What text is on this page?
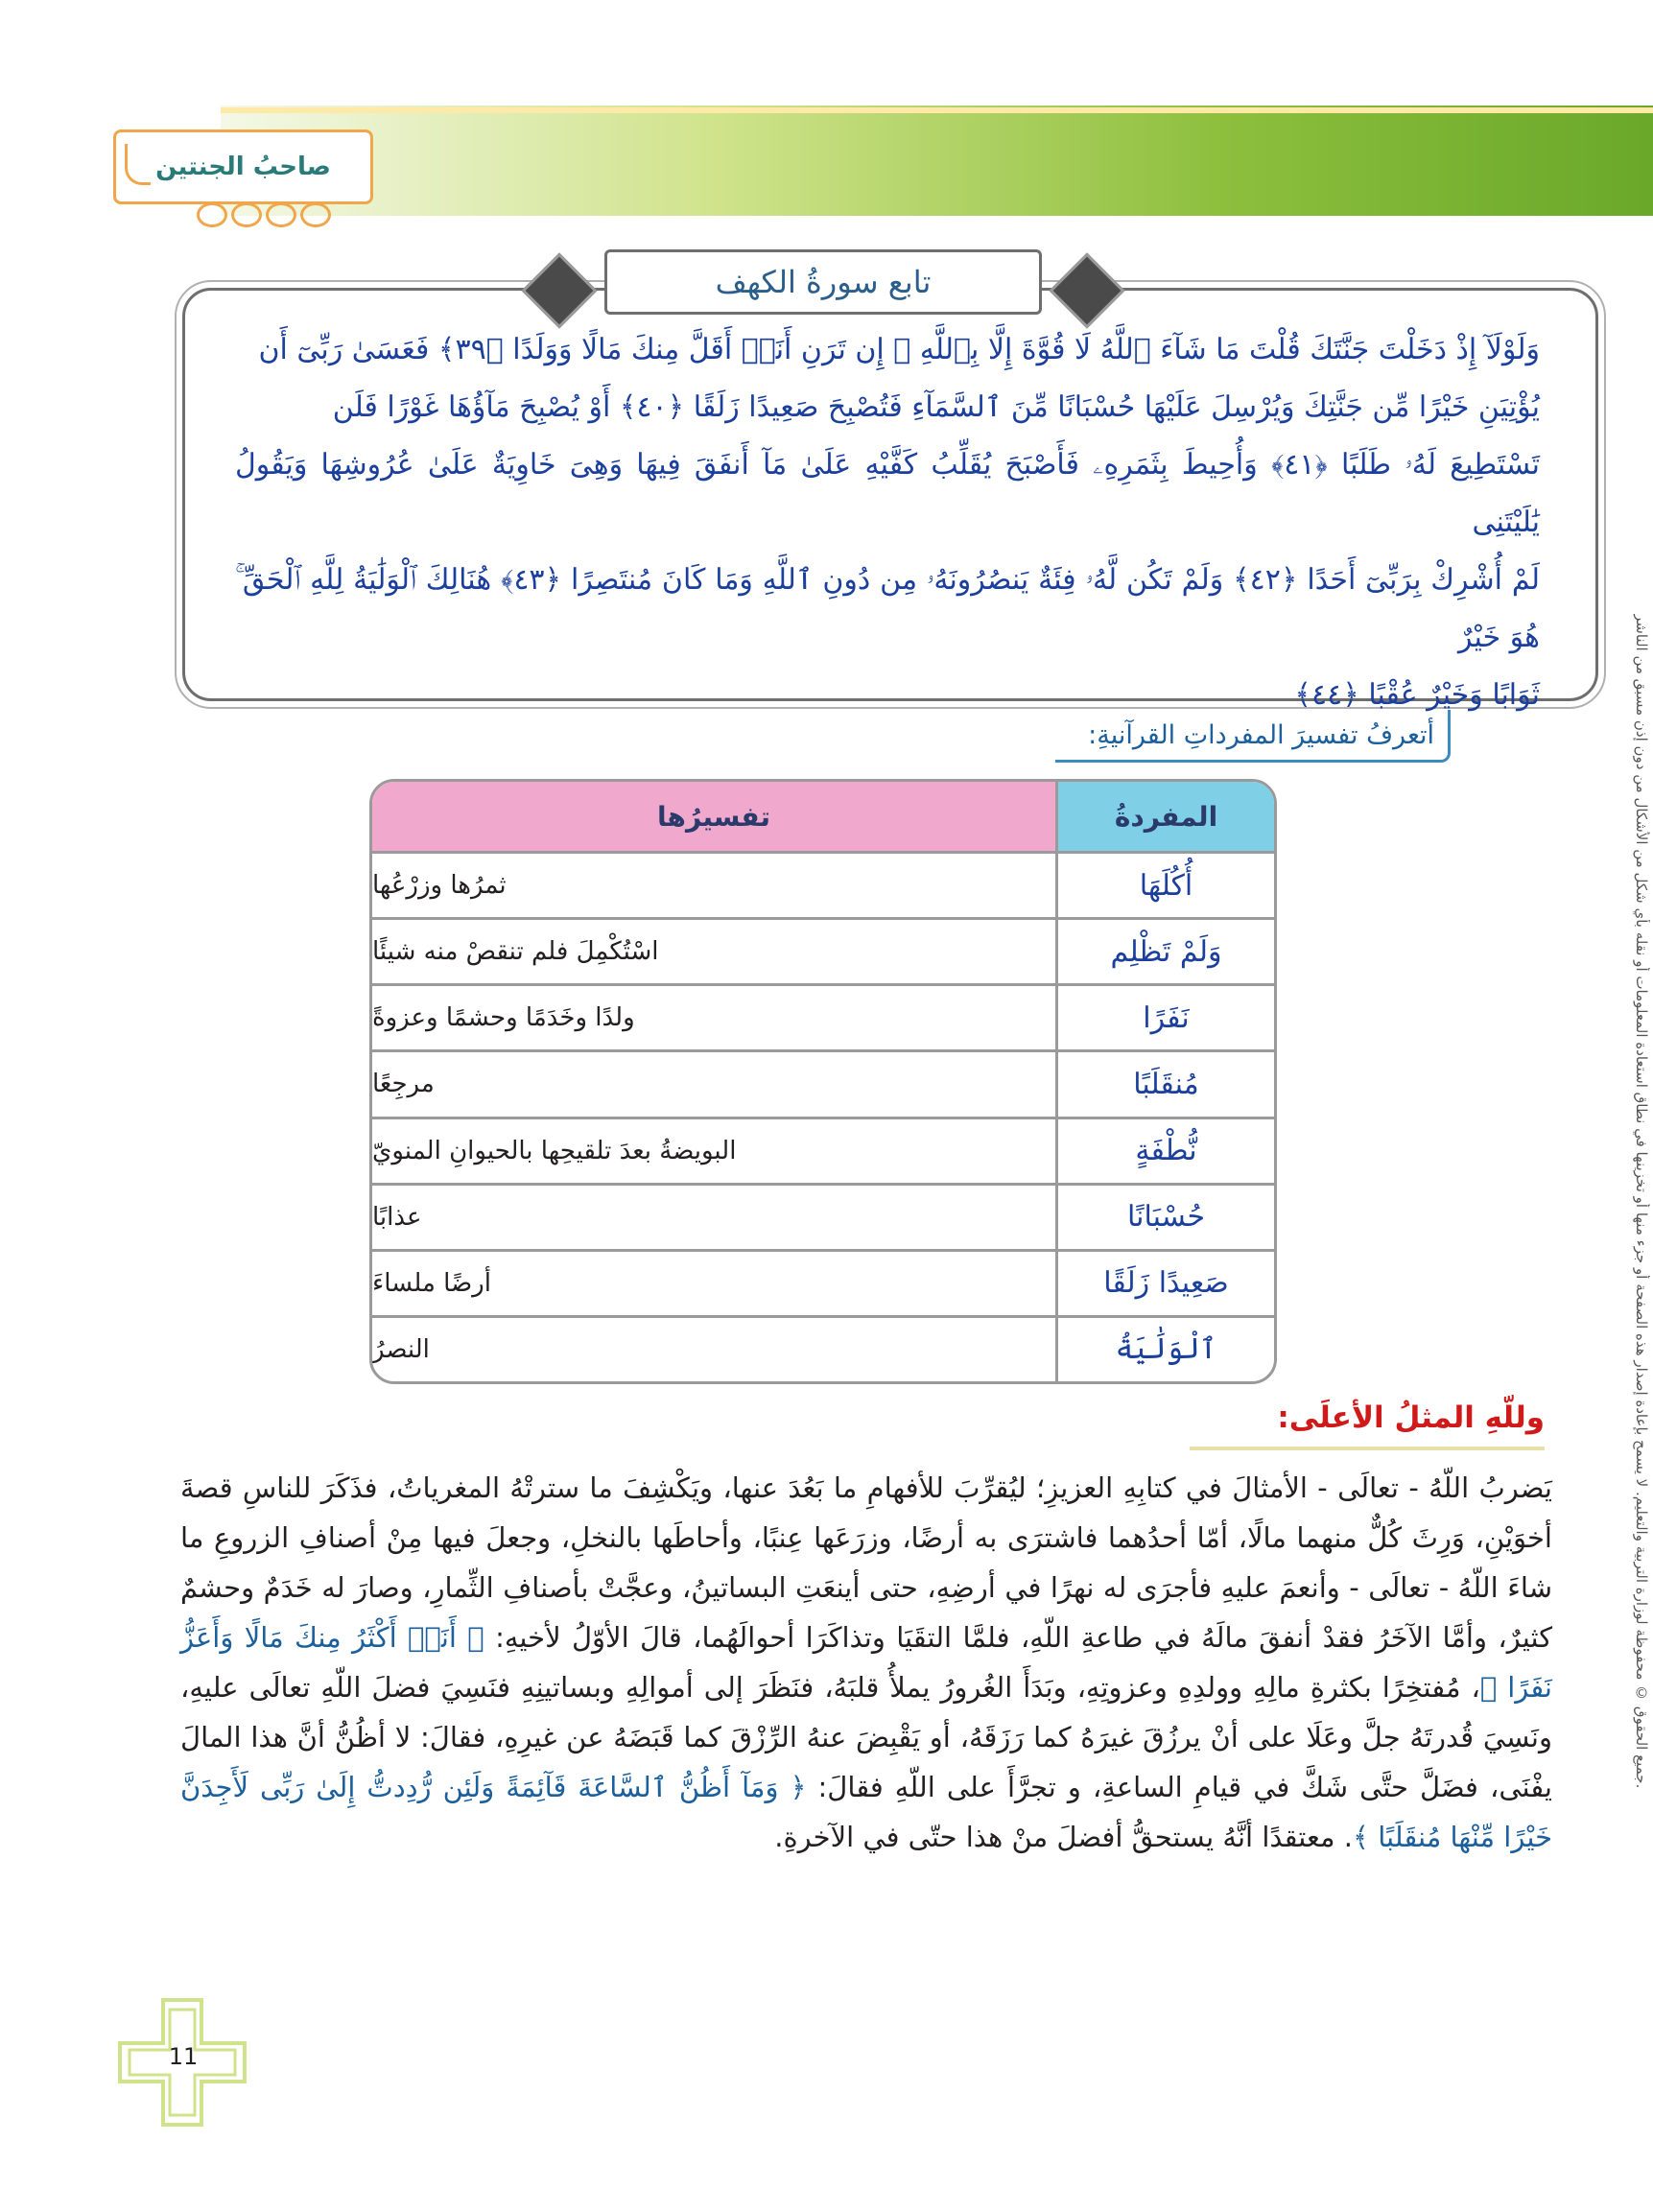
صاحبُ الجنتين
تابع سورةُ الكهف
وَلَوْلَآ إِذْ دَخَلْتَ جَنَّتَكَ قُلْتَ مَا شَآءَ ٱللَّهُ لَا قُوَّةَ إِلَّا بِٱللَّهِ ۚ إِن تَرَنِ أَنَا۠ أَقَلَّ مِنكَ مَالًا وَوَلَدًا ﴿٣٩﴾ فَعَسَىٰ رَبِّىٓ أَن
يُؤْتِيَنِ خَيْرًا مِّن جَنَّتِكَ وَيُرْسِلَ عَلَيْهَا حُسْبَانًا مِّنَ ٱلسَّمَآءِ فَتُصْبِحَ صَعِيدًا زَلَقًا ﴿٤٠﴾ أَوْ يُصْبِحَ مَآؤُهَا غَوْرًا فَلَن
تَسْتَطِيعَ لَهُۥ طَلَبًا ﴿٤١﴾ وَأُحِيطَ بِثَمَرِهِۦ فَأَصْبَحَ يُقَلِّبُ كَفَّيْهِ عَلَىٰ مَآ أَنفَقَ فِيهَا وَهِىَ خَاوِيَةٌ عَلَىٰ عُرُوشِهَا وَيَقُولُ يَٰلَيْتَنِى
لَمْ أُشْرِكْ بِرَبِّىٓ أَحَدًا ﴿٤٢﴾ وَلَمْ تَكُن لَّهُۥ فِئَةٌ يَنصُرُونَهُۥ مِن دُونِ ٱللَّهِ وَمَا كَانَ مُنتَصِرًا ﴿٤٣﴾ هُنَالِكَ ٱلْوَلَٰيَةُ لِلَّهِ ٱلْحَقِّ ۚ هُوَ خَيْرٌ
ثَوَابًا وَخَيْرٌ عُقْبًا ﴿٤٤﴾
أتعرفُ تفسيرَ المفرداتِ القرآنيةِ:
تفسيرُها	المفردةُ
ثمرُها وزرْعُها	أُكُلَهَا
اسْتُكْمِلَ فلم تنقصْ منه شيئًا	وَلَمْ تَظْلِم
ولدًا وخَدَمًا وحشمًا وعزوةً	نَفَرًا
مرجِعًا	مُنقَلَبًا
البويضةُ بعدَ تلقيحِها بالحيوانِ المنويّ	نُّطْفَةٍ
عذابًا	حُسْبَانًا
أرضًا ملساءَ	صَعِيدًا زَلَقًا
النصرُ	ٱلْوَلَٰيَةُ
وللّهِ المثلُ الأعلَى:
يَضربُ اللّهُ - تعالَى - الأمثالَ في كتابِهِ العزيزِ؛ ليُقرِّبَ للأفهامِ ما بَعُدَ عنها، ويَكْشِفَ ما سترتْهُ المغرياتُ، فذَكَرَ للناسِ قصةَ أخوَيْنِ، وَرِثَ كُلٌّ منهما مالًا، أمّا أحدُهما فاشترَى به أرضًا، وزرَعَها عِنبًا، وأحاطَها بالنخلِ، وجعلَ فيها مِنْ أصنافِ الزروعِ ما شاءَ اللّهُ - تعالَى - وأنعمَ عليهِ فأجرَى له نهرًا في أرضِهِ، حتى أينعَتِ البساتينُ، وعجَّتْ بأصنافِ الثِّمارِ، وصارَ له خَدَمٌ وحشمٌ كثيرٌ، وأمَّا الآخَرُ فقدْ أنفقَ مالَهُ في طاعةِ اللّهِ، فلمَّا التقَيَا وتذاكَرَا أحوالَهُما، قالَ الأوّلُ لأخيهِ: ﴿ أَنَا۠ أَكْثَرُ مِنكَ مَالًا وَأَعَزُّ نَفَرًا ﴾، مُفتخِرًا بكثرةِ مالِهِ وولدِهِ وعزوتِهِ، وبَدَأَ الغُرورُ يملأُ قلبَهُ، فنَظَرَ إلى أموالِهِ وبساتينِهِ فنَسِيَ فضلَ اللّهِ تعالَى عليهِ، ونَسِيَ قُدرتَهُ جلَّ وعَلَا على أنْ يرزُقَ غيرَهُ كما رَزَقَهُ، أو يَقْبِضَ عنهُ الرِّزْقَ كما قَبَضَهُ عن غيرِهِ، فقالَ: لا أظُنُّ أنَّ هذا المالَ يفْنَى، فضَلَّ حتَّى شَكَّ في قيامِ الساعةِ، و تجرَّأَ على اللّهِ فقالَ: ﴿ وَمَآ أَظُنُّ ٱلسَّاعَةَ قَآئِمَةً وَلَئِن رُّدِدتُّ إِلَىٰ رَبِّى لَأَجِدَنَّ خَيْرًا مِّنْهَا مُنقَلَبًا ﴾. معتقدًا أنَّهُ يستحقُّ أفضلَ منْ هذا حتّى في الآخرةِ.
جميع الحقوق © محفوظة لوزارة التربية والتعليم. لا يسمح بإعادة إصدار هذه الصفحة أو جزء منها أو تخزينها في نطاق استعادة المعلومات أو نقله بأي شكل من الأشكال من دون إذن مسبق من الناشر.
11
